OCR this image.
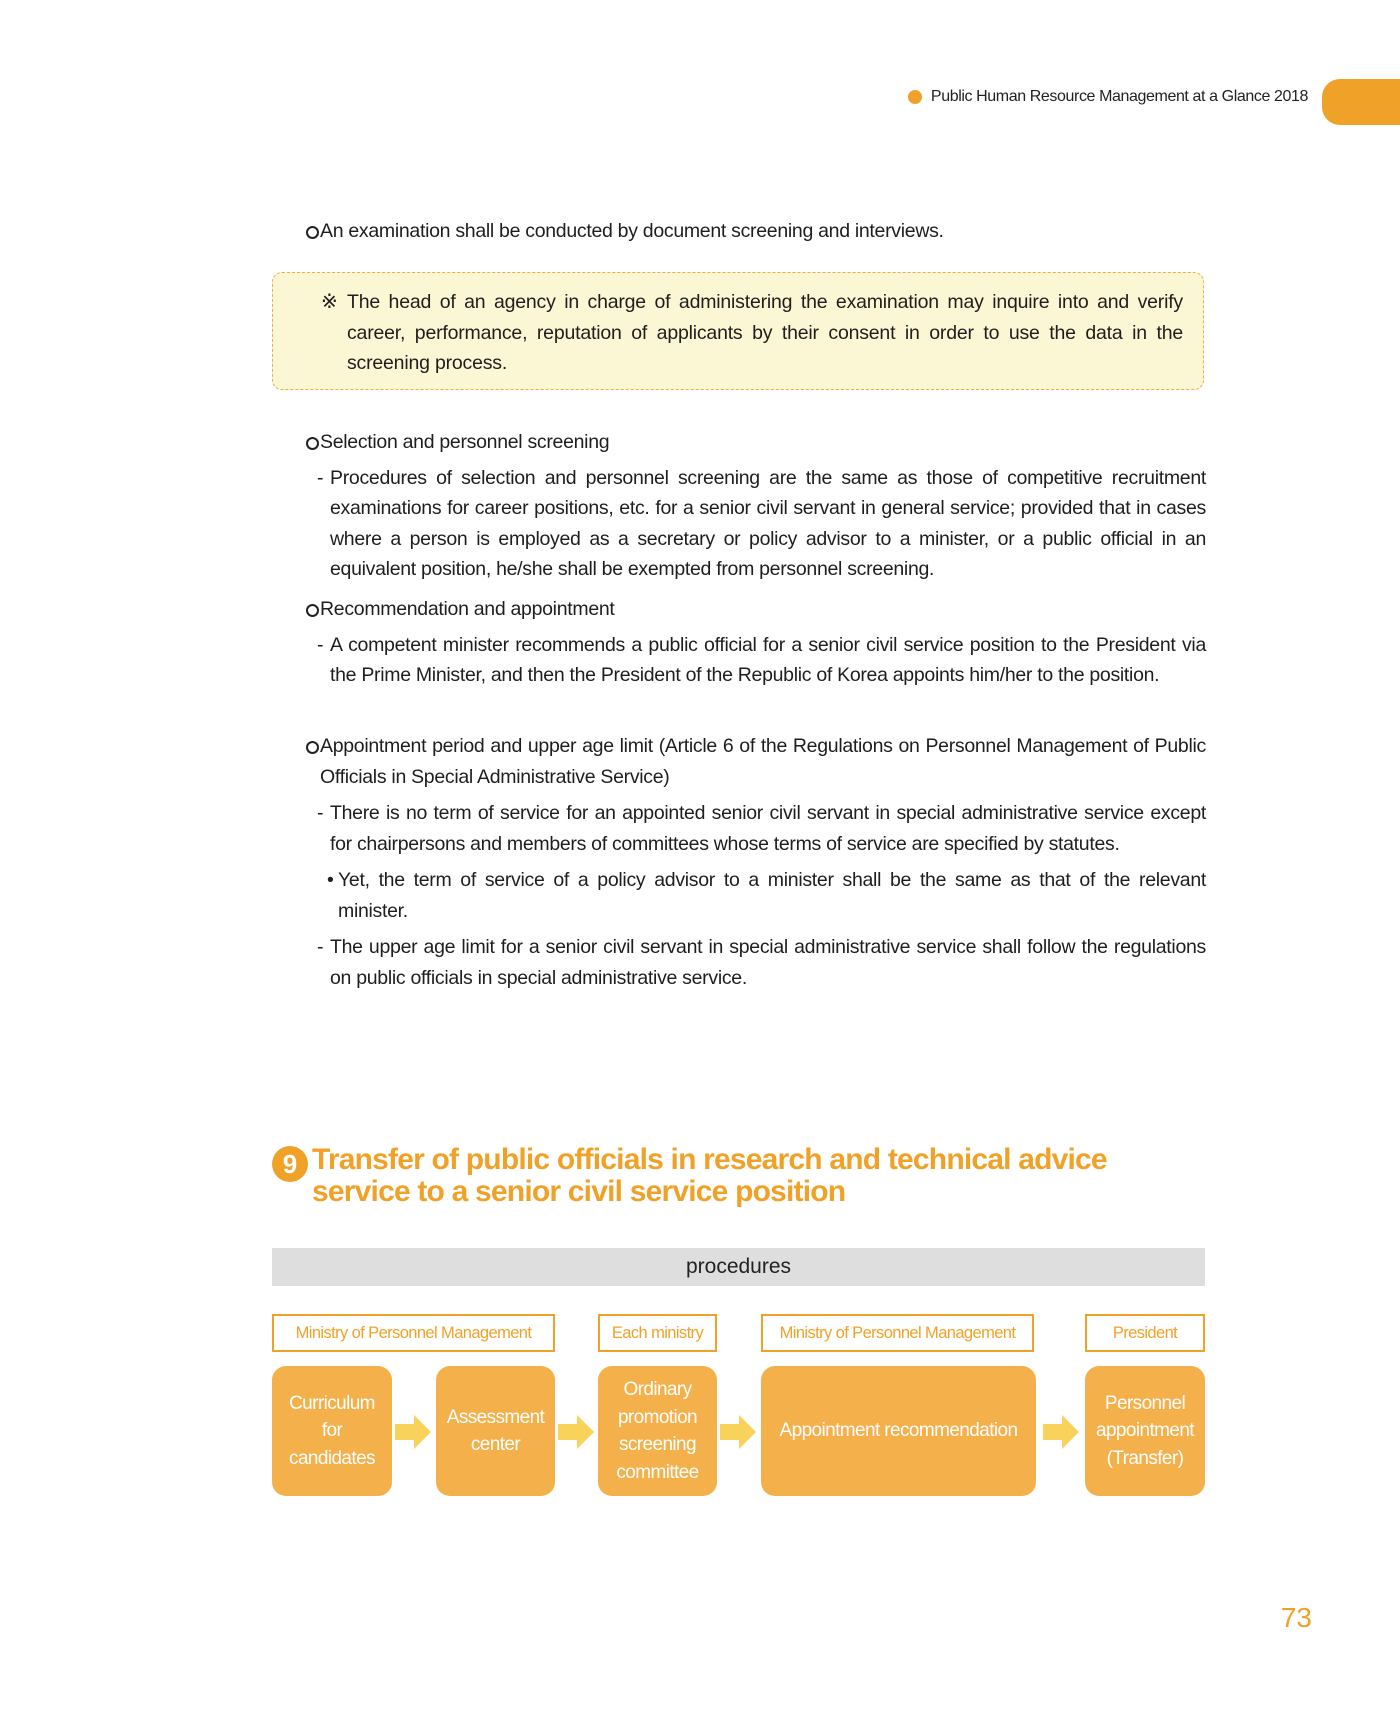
Public Human Resource Management at a Glance 2018
An examination shall be conducted by document screening and interviews.
※ The head of an agency in charge of administering the examination may inquire into and verify career, performance, reputation of applicants by their consent in order to use the data in the screening process.
Selection and personnel screening
- Procedures of selection and personnel screening are the same as those of competitive recruitment examinations for career positions, etc. for a senior civil servant in general service; provided that in cases where a person is employed as a secretary or policy advisor to a minister, or a public official in an equivalent position, he/she shall be exempted from personnel screening.
Recommendation and appointment
- A competent minister recommends a public official for a senior civil service position to the President via the Prime Minister, and then the President of the Republic of Korea appoints him/her to the position.
Appointment period and upper age limit (Article 6 of the Regulations on Personnel Management of Public Officials in Special Administrative Service)
- There is no term of service for an appointed senior civil servant in special administrative service except for chairpersons and members of committees whose terms of service are specified by statutes.
• Yet, the term of service of a policy advisor to a minister shall be the same as that of the relevant minister.
- The upper age limit for a senior civil servant in special administrative service shall follow the regulations on public officials in special administrative service.
9 Transfer of public officials in research and technical advice service to a senior civil service position
procedures
Ministry of Personnel Management	Each ministry	Ministry of Personnel Management	President
Curriculum
for
candidates
Assessment
center
Ordinary
promotion
screening
committee
Appointment recommendation
Personnel
appointment
(Transfer)
73
